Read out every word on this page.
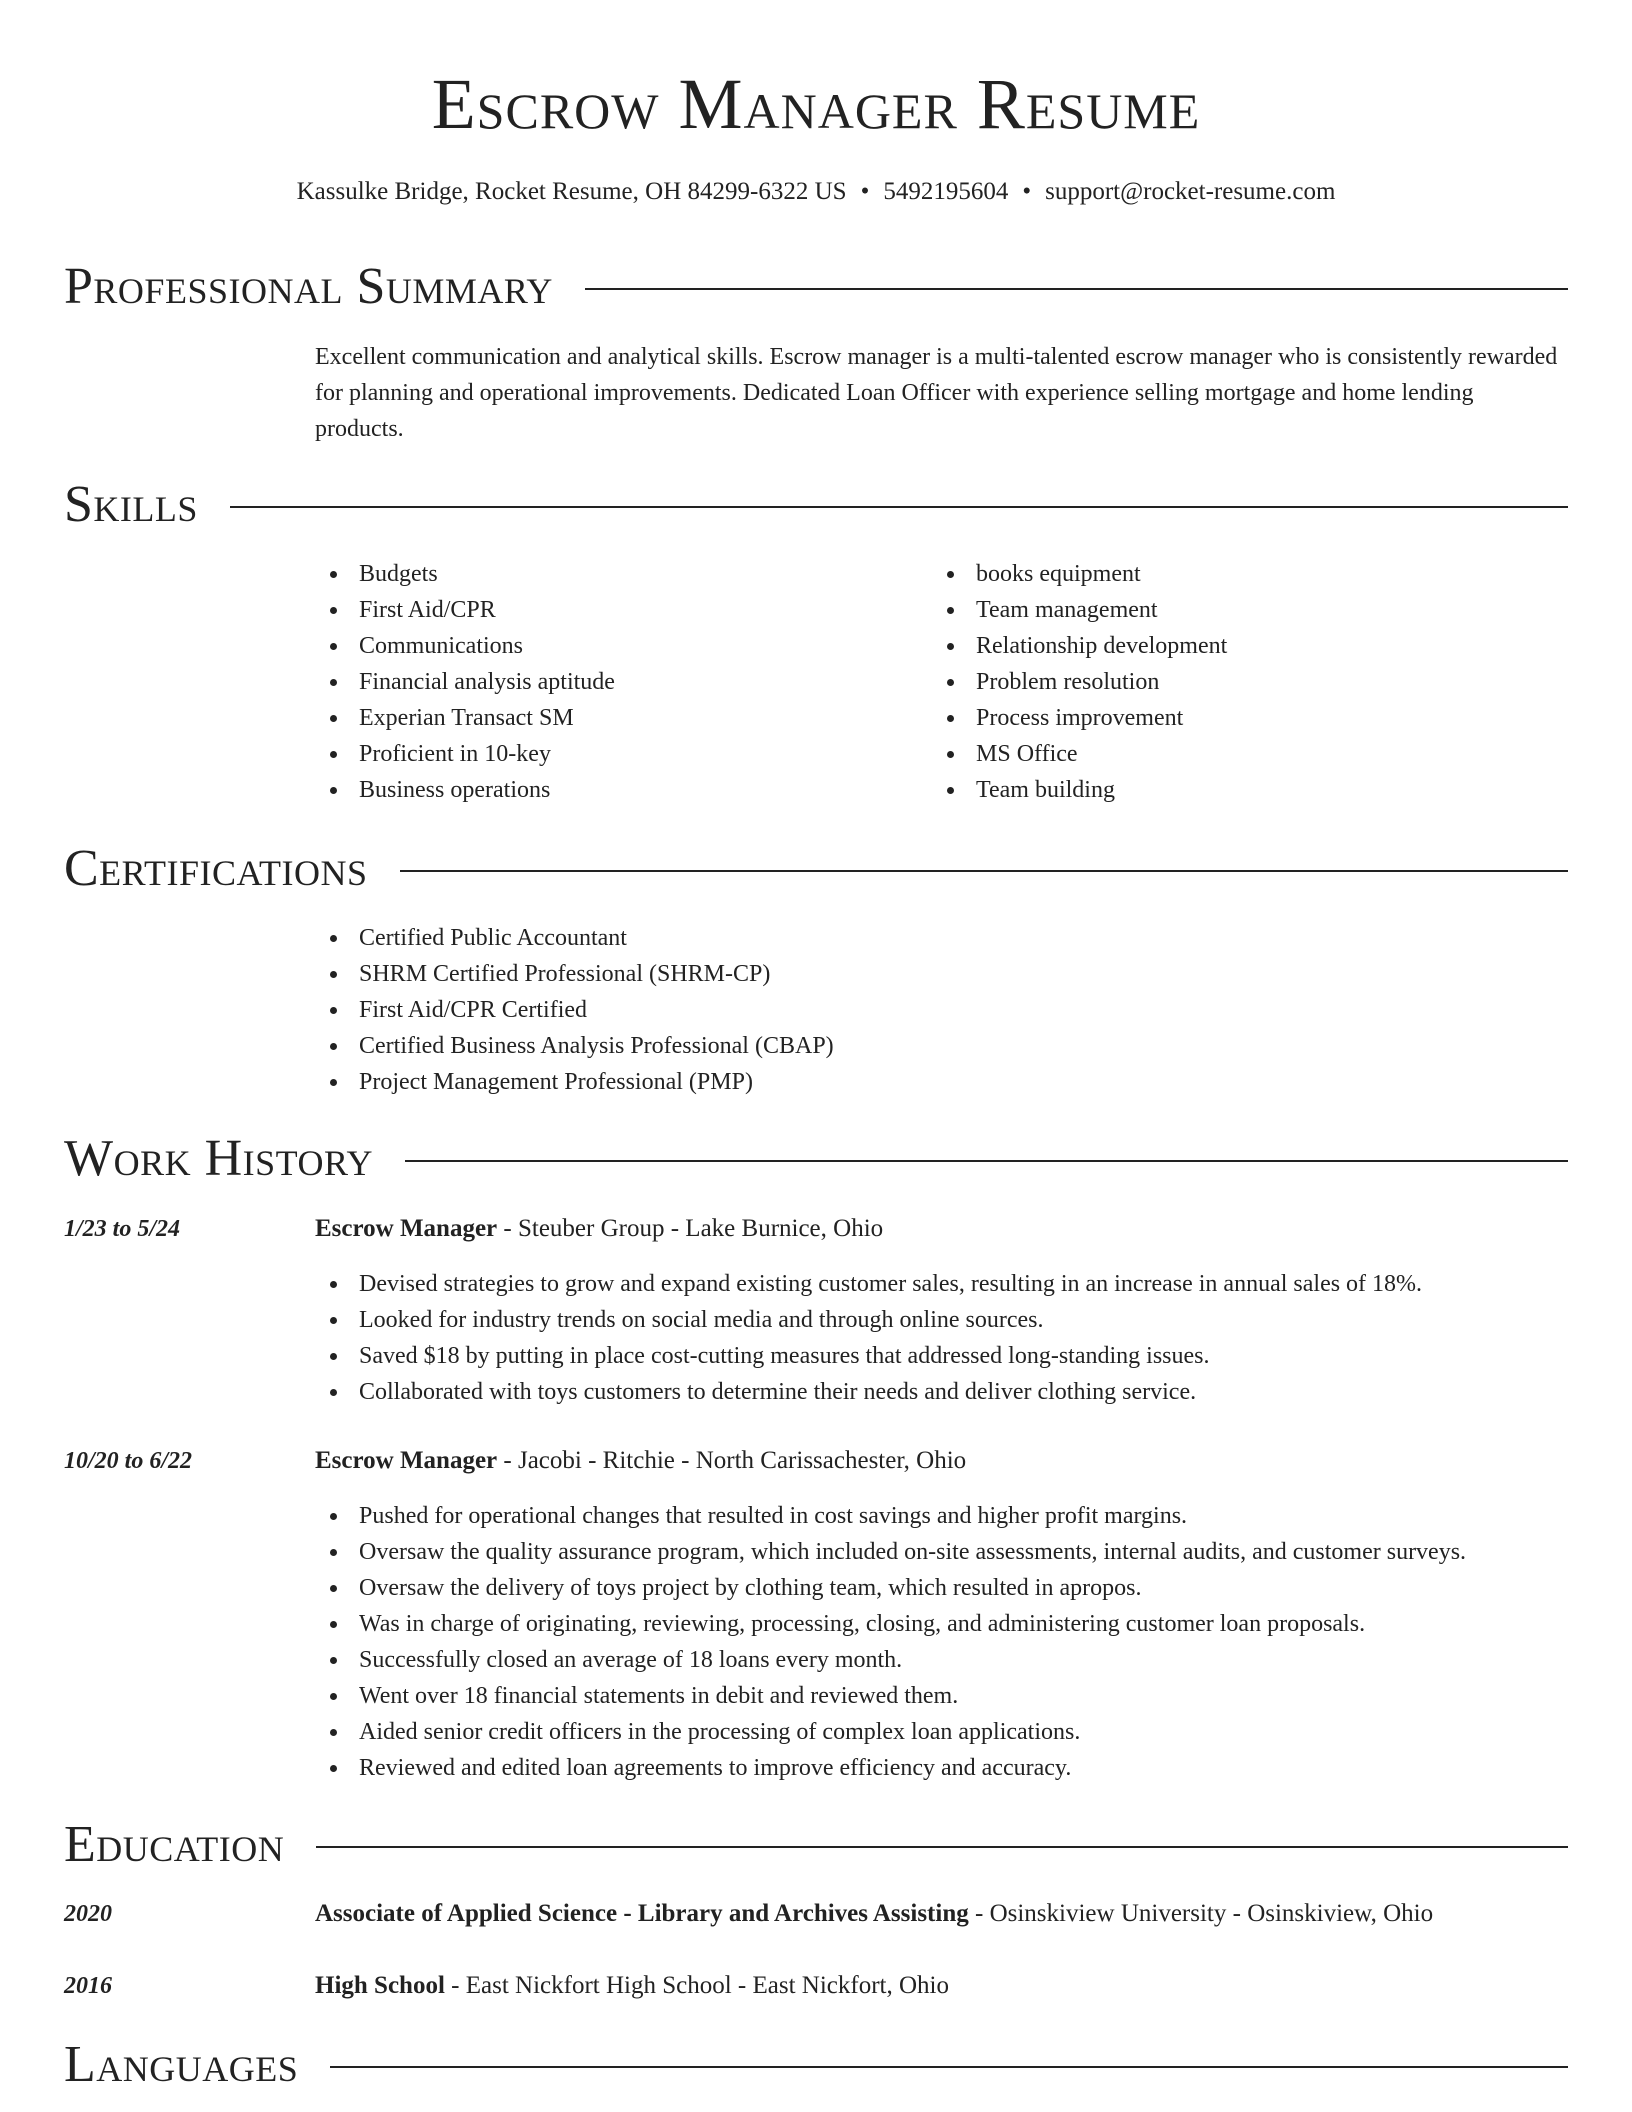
Escrow Manager Resume
Kassulke Bridge, Rocket Resume, OH 84299-6322 US • 5492195604 • support@rocket-resume.com
Professional Summary

Excellent communication and analytical skills. Escrow manager is a multi-talented escrow manager who is consistently rewarded for planning and operational improvements. Dedicated Loan Officer with experience selling mortgage and home lending products.

Skills
Budgets
First Aid/CPR
Communications
Financial analysis aptitude
Experian Transact SM
Proficient in 10-key
Business operations
books equipment
Team management
Relationship development
Problem resolution
Process improvement
MS Office
Team building
Certifications
Certified Public Accountant
SHRM Certified Professional (SHRM-CP)
First Aid/CPR Certified
Certified Business Analysis Professional (CBAP)
Project Management Professional (PMP)
Work History
1/23 to 5/24	Escrow Manager - Steuber Group - Lake Burnice, Ohio
Devised strategies to grow and expand existing customer sales, resulting in an increase in annual sales of 18%.
Looked for industry trends on social media and through online sources.
Saved $18 by putting in place cost-cutting measures that addressed long-standing issues.
Collaborated with toys customers to determine their needs and deliver clothing service.
10/20 to 6/22	Escrow Manager - Jacobi - Ritchie - North Carissachester, Ohio
Pushed for operational changes that resulted in cost savings and higher profit margins.
Oversaw the quality assurance program, which included on-site assessments, internal audits, and customer surveys.
Oversaw the delivery of toys project by clothing team, which resulted in apropos.
Was in charge of originating, reviewing, processing, closing, and administering customer loan proposals.
Successfully closed an average of 18 loans every month.
Went over 18 financial statements in debit and reviewed them.
Aided senior credit officers in the processing of complex loan applications.
Reviewed and edited loan agreements to improve efficiency and accuracy.
Education
2020	Associate of Applied Science - Library and Archives Assisting - Osinskiview University - Osinskiview, Ohio
2016	High School - East Nickfort High School - East Nickfort, Ohio
Languages
